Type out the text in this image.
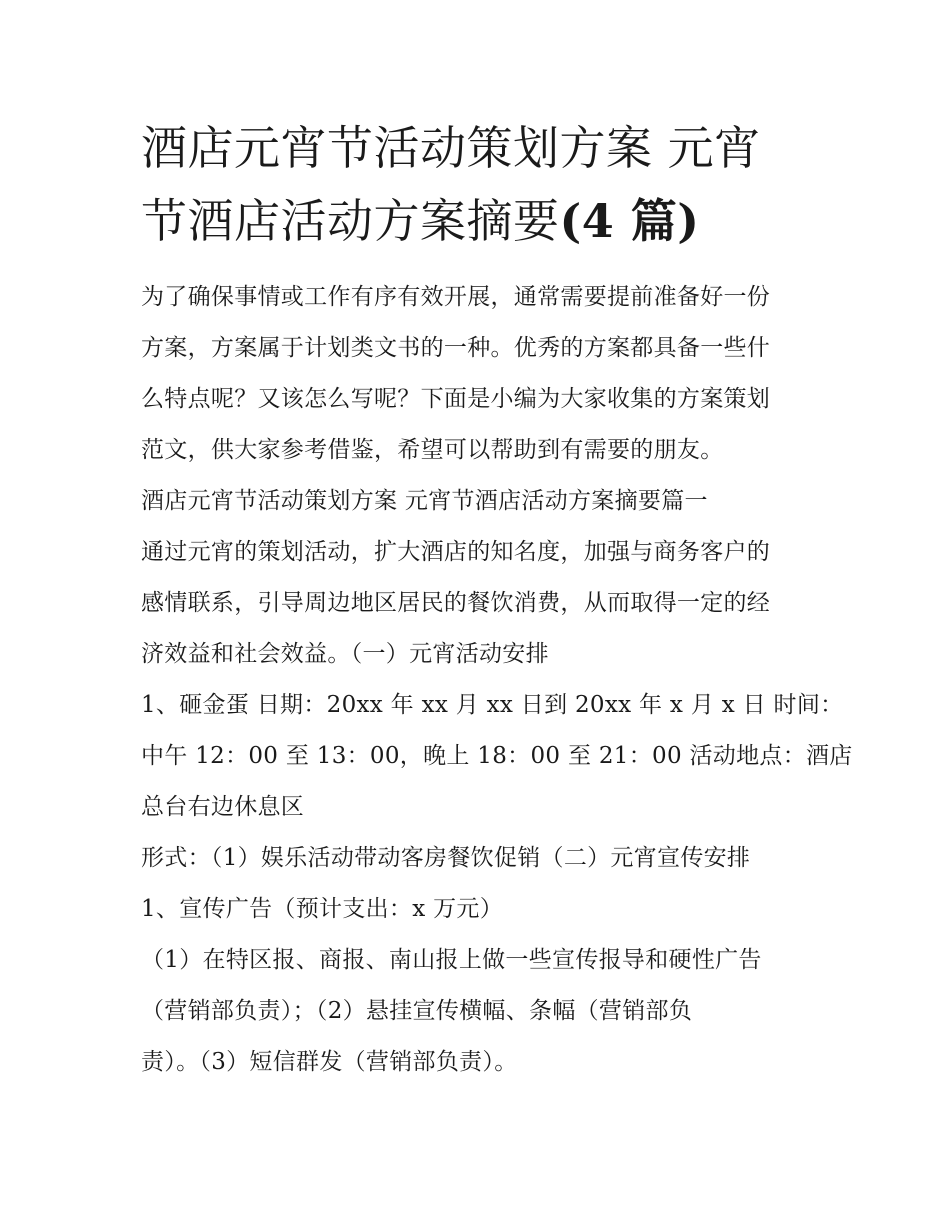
酒店元宵节活动策划方案 元宵
节酒店活动方案摘要(4 篇)

为了确保事情或工作有序有效开展，通常需要提前准备好一份
方案，方案属于计划类文书的一种。优秀的方案都具备一些什
么特点呢？又该怎么写呢？下面是小编为大家收集的方案策划
范文，供大家参考借鉴，希望可以帮助到有需要的朋友。

酒店元宵节活动策划方案 元宵节酒店活动方案摘要篇一

通过元宵的策划活动，扩大酒店的知名度，加强与商务客户的
感情联系，引导周边地区居民的餐饮消费，从而取得一定的经
济效益和社会效益。（一）元宵活动安排
1、砸金蛋 日期：20xx 年 xx 月 xx 日到 20xx 年 x 月 x 日 时间：
中午 12：00 至 13：00，晚上 18：00 至 21：00 活动地点：酒店
总台右边休息区
形式：（1）娱乐活动带动客房餐饮促销（二）元宵宣传安排
1、宣传广告（预计支出：x 万元）
（1）在特区报、商报、南山报上做一些宣传报导和硬性广告
（营销部负责）；（2）悬挂宣传横幅、条幅（营销部负
责）。（3）短信群发（营销部负责）。
